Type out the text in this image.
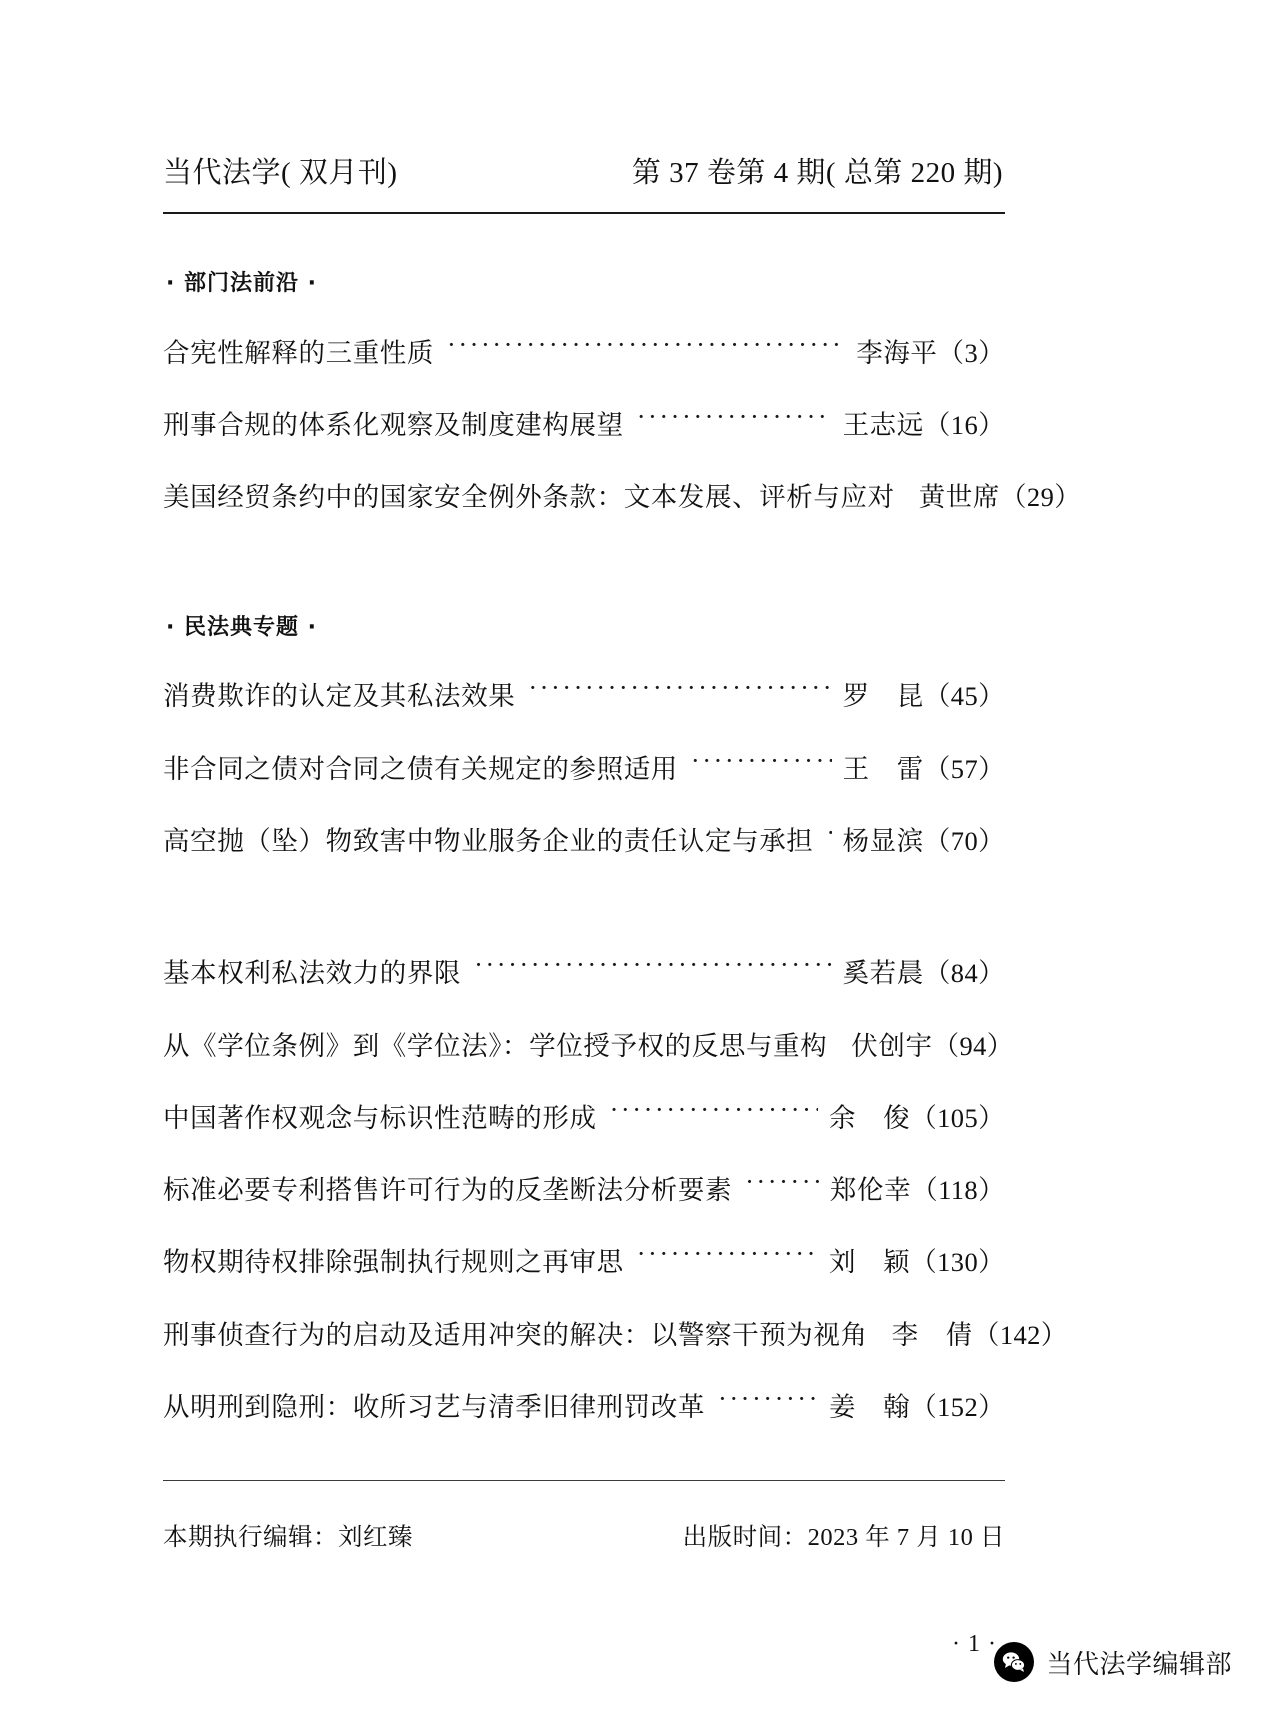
当代法学( 双月刊)	第 37 卷第 4 期( 总第 220 期)
· 部门法前沿 ·
合宪性解释的三重性质 ·····	李海平 （3）
刑事合规的体系化观察及制度建构展望 ·····	王志远 （16）
美国经贸条约中的国家安全例外条款：文本发展、评析与应对 黄世席 （29）
· 民法典专题 ·
消费欺诈的认定及其私法效果 ·····	罗　昆 （45）
非合同之债对合同之债有关规定的参照适用 ·····	王　雷 （57）
高空抛（坠）物致害中物业服务企业的责任认定与承担 ····· 杨显滨 （70）
基本权利私法效力的界限 ·····	奚若晨 （84）
从《学位条例》到《学位法》：学位授予权的反思与重构 伏创宇 （94）
中国著作权观念与标识性范畴的形成 ·····	余　俊 （105）
标准必要专利搭售许可行为的反垄断法分析要素 ·····	郑伦幸 （118）
物权期待权排除强制执行规则之再审思 ·····	刘　颖 （130）
刑事侦查行为的启动及适用冲突的解决：以警察干预为视角 李　倩 （142）
从明刑到隐刑：收所习艺与清季旧律刑罚改革 ·····	姜　翰 （152）
本期执行编辑：刘红臻	出版时间：2023 年 7 月 10 日
· 1 ·
当代法学编辑部
